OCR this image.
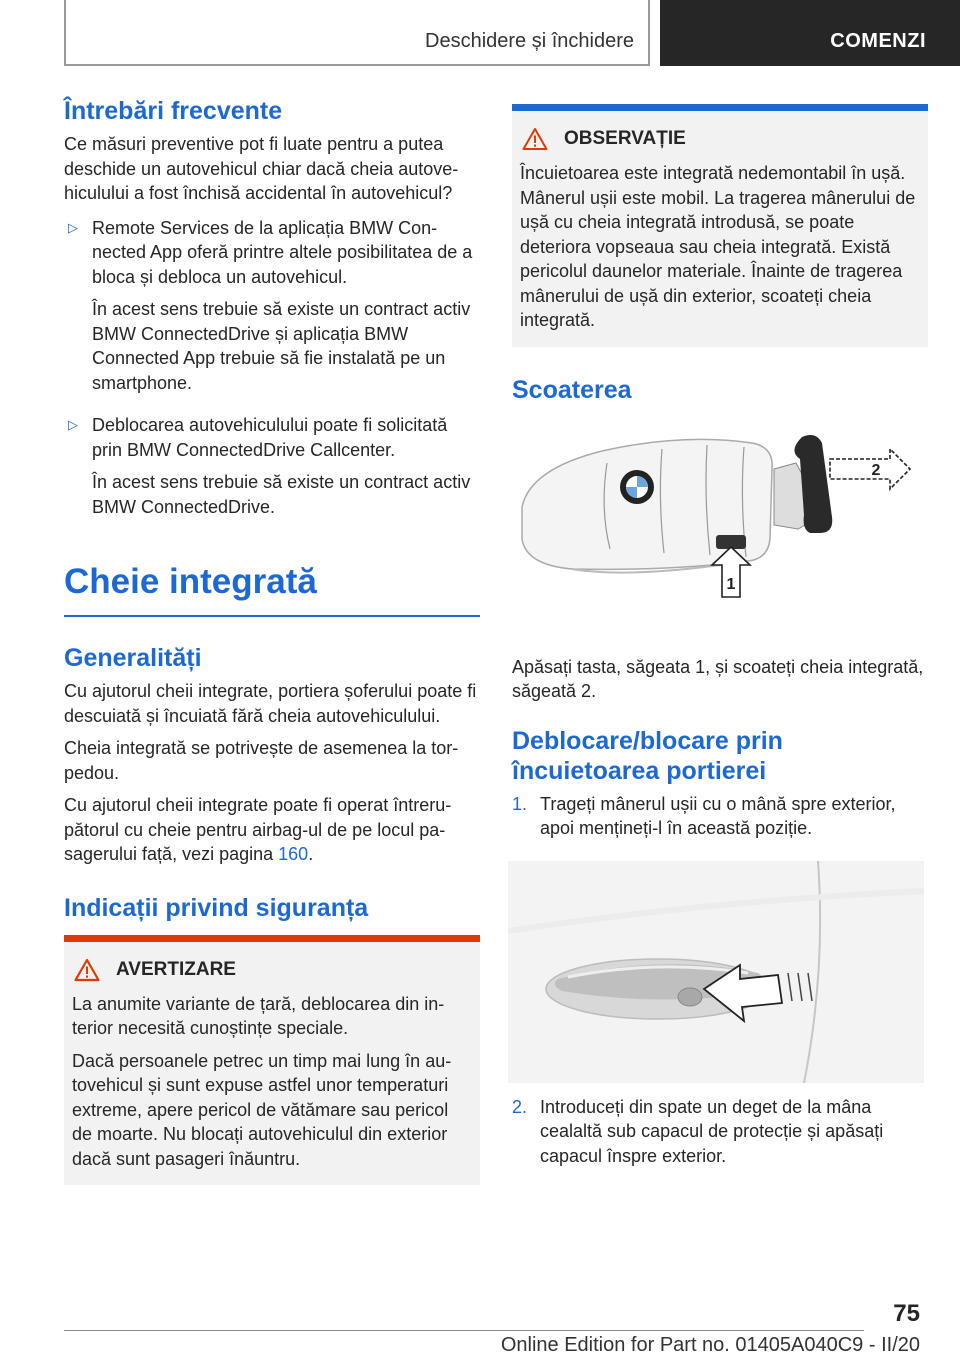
Deschidere și închidere	COMENZI
Întrebări frecvente

Ce măsuri preventive pot fi luate pentru a putea deschide un autovehicul chiar dacă cheia autovehiculului a fost închisă accidental în autovehicul?

▷ Remote Services de la aplicația BMW Connected App oferă printre altele posibilitatea de a bloca și debloca un autovehicul.

În acest sens trebuie să existe un contract activ BMW ConnectedDrive și aplicația BMW Connected App trebuie să fie instalată pe un smartphone.

▷ Deblocarea autovehiculului poate fi solicitată prin BMW ConnectedDrive Callcenter.

În acest sens trebuie să existe un contract activ BMW ConnectedDrive.

Cheie integrată
Generalități

Cu ajutorul cheii integrate, portiera șoferului poate fi descuiată și încuiată fără cheia autovehiculului.

Cheia integrată se potrivește de asemenea la torpedou.

Cu ajutorul cheii integrate poate fi operat întrerupătorul cu cheie pentru airbag-ul de pe locul pasagerului față, vezi pagina 160.

Indicații privind siguranța
AVERTIZARE

La anumite variante de țară, deblocarea din interior necesită cunoștințe speciale.

Dacă persoanele petrec un timp mai lung în autovehicul și sunt expuse astfel unor temperaturi extreme, apere pericol de vătămare sau pericol de moarte. Nu blocați autovehiculul din exterior dacă sunt pasageri înăuntru.

OBSERVAȚIE

Încuietoarea este integrată nedemontabil în ușă. Mânerul ușii este mobil. La tragerea mânerului de ușă cu cheia integrată introdusă, se poate deteriora vopseaua sau cheia integrată. Există pericolul daunelor materiale. Înainte de tragerea mânerului de ușă din exterior, scoateți cheia integrată.

Scoaterea
1
2

Apăsați tasta, săgeata 1, și scoateți cheia integrată, săgeată 2.

Deblocare/blocare prin încuietoarea portierei
1. Trageți mânerul ușii cu o mână spre exterior, apoi mențineți-l în această poziție.

2. Introduceți din spate un deget de la mâna cealaltă sub capacul de protecție și apăsați capacul înspre exterior.

75
Online Edition for Part no. 01405A040C9 - II/20
